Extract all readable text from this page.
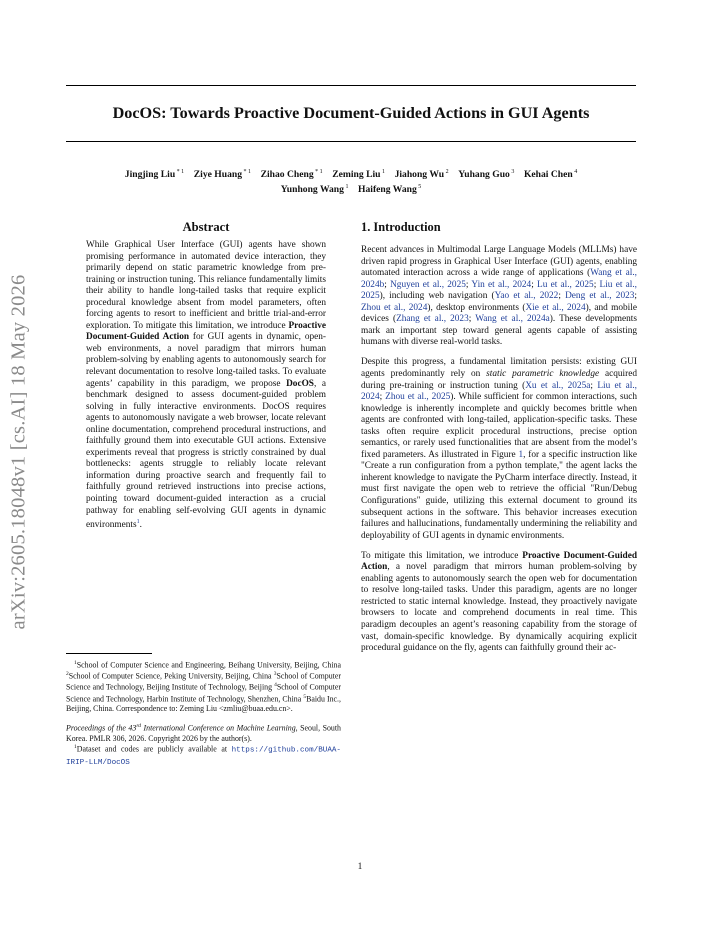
arXiv:2605.18048v1 [cs.AI] 18 May 2026
DocOS: Towards Proactive Document-Guided Actions in GUI Agents
Jingjing Liu $^{* 1}$  Ziye Huang $^{* 1}$  Zihao Cheng $^{* 1}$  Zeming Liu $^1$  Jiahong Wu $^2$  Yuhang Guo $^3$  Kehai Chen $^4$
Yunhong Wang $^1$  Haifeng Wang $^5$
Abstract

While Graphical User Interface (GUI) agents have shown promising performance in automated device interaction, they primarily depend on static parametric knowledge from pre-training or instruction tuning. This reliance fundamentally limits their ability to handle long-tailed tasks that require explicit procedural knowledge absent from model parameters, often forcing agents to resort to inefficient and brittle trial-and-error exploration. To mitigate this limitation, we introduce Proactive Document-Guided Action for GUI agents in dynamic, open-web environments, a novel paradigm that mirrors human problem-solving by enabling agents to autonomously search for relevant documentation to resolve long-tailed tasks. To evaluate agents’ capability in this paradigm, we propose DocOS, a benchmark designed to assess document-guided problem solving in fully interactive environments. DocOS requires agents to autonomously navigate a web browser, locate relevant online documentation, comprehend procedural instructions, and faithfully ground them into executable GUI actions. Extensive experiments reveal that progress is strictly constrained by dual bottlenecks: agents struggle to reliably locate relevant information during proactive search and frequently fail to faithfully ground retrieved instructions into precise actions, pointing toward document-guided interaction as a crucial pathway for enabling self-evolving GUI agents in dynamic environments$^1$.

1. Introduction

Recent advances in Multimodal Large Language Models (MLLMs) have driven rapid progress in Graphical User Interface (GUI) agents, enabling automated interaction across a wide range of applications (Wang et al., 2024b; Nguyen et al., 2025; Yin et al., 2024; Lu et al., 2025; Liu et al., 2025), including web navigation (Yao et al., 2022; Deng et al., 2023; Zhou et al., 2024), desktop environments (Xie et al., 2024), and mobile devices (Zhang et al., 2023; Wang et al., 2024a). These developments mark an important step toward general agents capable of assisting humans with diverse real-world tasks.

Despite this progress, a fundamental limitation persists: existing GUI agents predominantly rely on static parametric knowledge acquired during pre-training or instruction tuning (Xu et al., 2025a; Liu et al., 2024; Zhou et al., 2025). While sufficient for common interactions, such knowledge is inherently incomplete and quickly becomes brittle when agents are confronted with long-tailed, application-specific tasks. These tasks often require explicit procedural instructions, precise option semantics, or rarely used functionalities that are absent from the model’s fixed parameters. As illustrated in Figure 1, for a specific instruction like "Create a run configuration from a python template," the agent lacks the inherent knowledge to navigate the PyCharm interface directly. Instead, it must first navigate the open web to retrieve the official "Run/Debug Configurations" guide, utilizing this external document to ground its subsequent actions in the software. This behavior increases execution failures and hallucinations, fundamentally undermining the reliability and deployability of GUI agents in dynamic environments.

To mitigate this limitation, we introduce Proactive Document-Guided Action, a novel paradigm that mirrors human problem-solving by enabling agents to autonomously search the open web for documentation to resolve long-tailed tasks. Under this paradigm, agents are no longer restricted to static internal knowledge. Instead, they proactively navigate browsers to locate and comprehend documents in real time. This paradigm decouples an agent’s reasoning capability from the storage of vast, domain-specific knowledge. By dynamically acquiring explicit procedural guidance on the fly, agents can faithfully ground their ac-

$^1$School of Computer Science and Engineering, Beihang University, Beijing, China $^2$School of Computer Science, Peking University, Beijing, China $^3$School of Computer Science and Technology, Beijing Institute of Technology, Beijing $^4$School of Computer Science and Technology, Harbin Institute of Technology, Shenzhen, China $^5$Baidu Inc., Beijing, China. Correspondence to: Zeming Liu <zmliu@buaa.edu.cn>.

Proceedings of the 43rd International Conference on Machine Learning, Seoul, South Korea. PMLR 306, 2026. Copyright 2026 by the author(s).

$^1$Dataset and codes are publicly available at https://github.com/BUAA-IRIP-LLM/DocOS

1
